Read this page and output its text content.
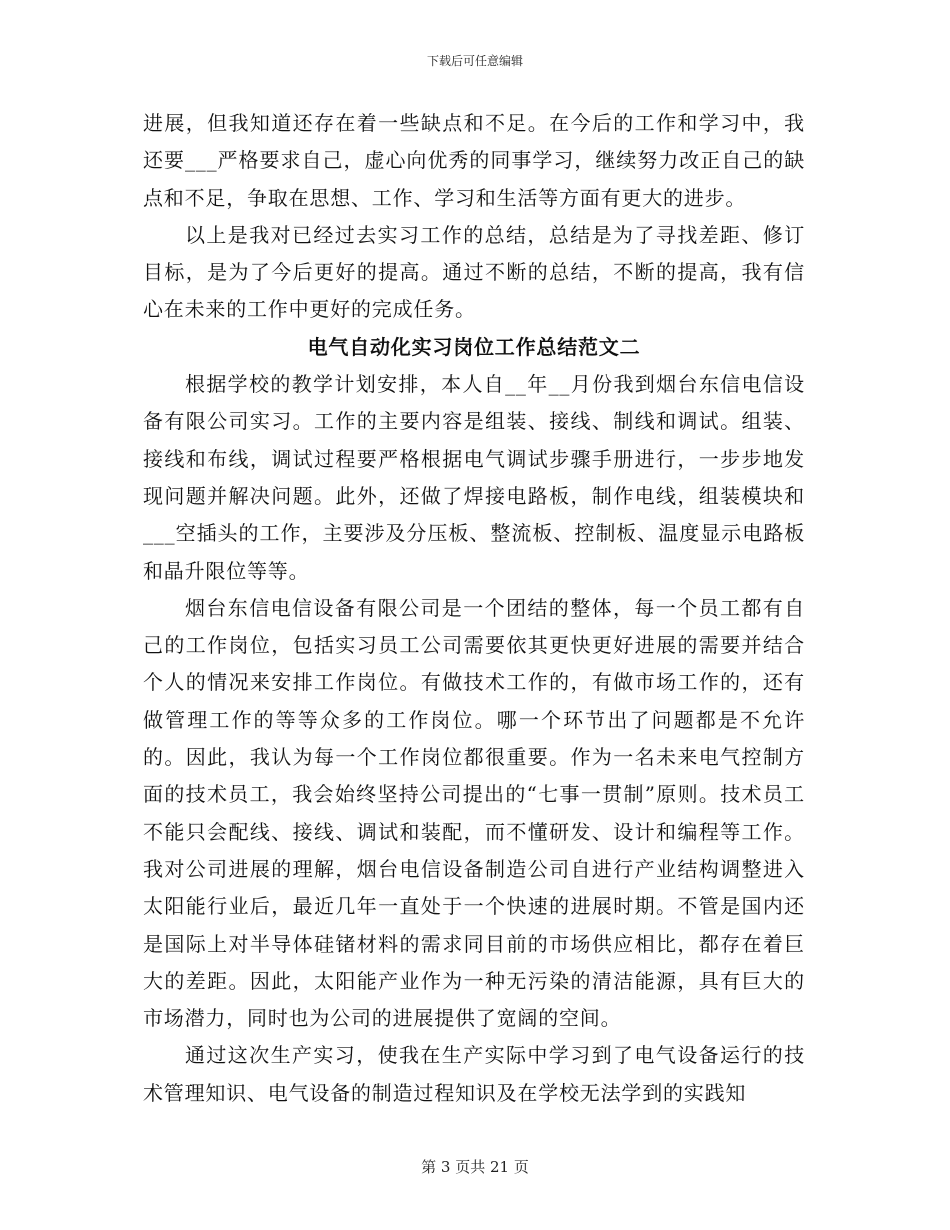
下载后可任意编辑

进展，但我知道还存在着一些缺点和不足。在今后的工作和学习中，我还要___严格要求自己，虚心向优秀的同事学习，继续努力改正自己的缺点和不足，争取在思想、工作、学习和生活等方面有更大的进步。

以上是我对已经过去实习工作的总结，总结是为了寻找差距、修订目标，是为了今后更好的提高。通过不断的总结，不断的提高，我有信心在未来的工作中更好的完成任务。

电气自动化实习岗位工作总结范文二

根据学校的教学计划安排，本人自__年__月份我到烟台东信电信设备有限公司实习。工作的主要内容是组装、接线、制线和调试。组装、接线和布线，调试过程要严格根据电气调试步骤手册进行，一步步地发现问题并解决问题。此外，还做了焊接电路板，制作电线，组装模块和___空插头的工作，主要涉及分压板、整流板、控制板、温度显示电路板和晶升限位等等。

烟台东信电信设备有限公司是一个团结的整体，每一个员工都有自己的工作岗位，包括实习员工公司需要依其更快更好进展的需要并结合个人的情况来安排工作岗位。有做技术工作的，有做市场工作的，还有做管理工作的等等众多的工作岗位。哪一个环节出了问题都是不允许的。因此，我认为每一个工作岗位都很重要。作为一名未来电气控制方面的技术员工，我会始终坚持公司提出的“七事一贯制”原则。技术员工不能只会配线、接线、调试和装配，而不懂研发、设计和编程等工作。我对公司进展的理解，烟台电信设备制造公司自进行产业结构调整进入太阳能行业后，最近几年一直处于一个快速的进展时期。不管是国内还是国际上对半导体硅锗材料的需求同目前的市场供应相比，都存在着巨大的差距。因此，太阳能产业作为一种无污染的清洁能源，具有巨大的市场潜力，同时也为公司的进展提供了宽阔的空间。

通过这次生产实习，使我在生产实际中学习到了电气设备运行的技术管理知识、电气设备的制造过程知识及在学校无法学到的实践知

第 3 页共 21 页
